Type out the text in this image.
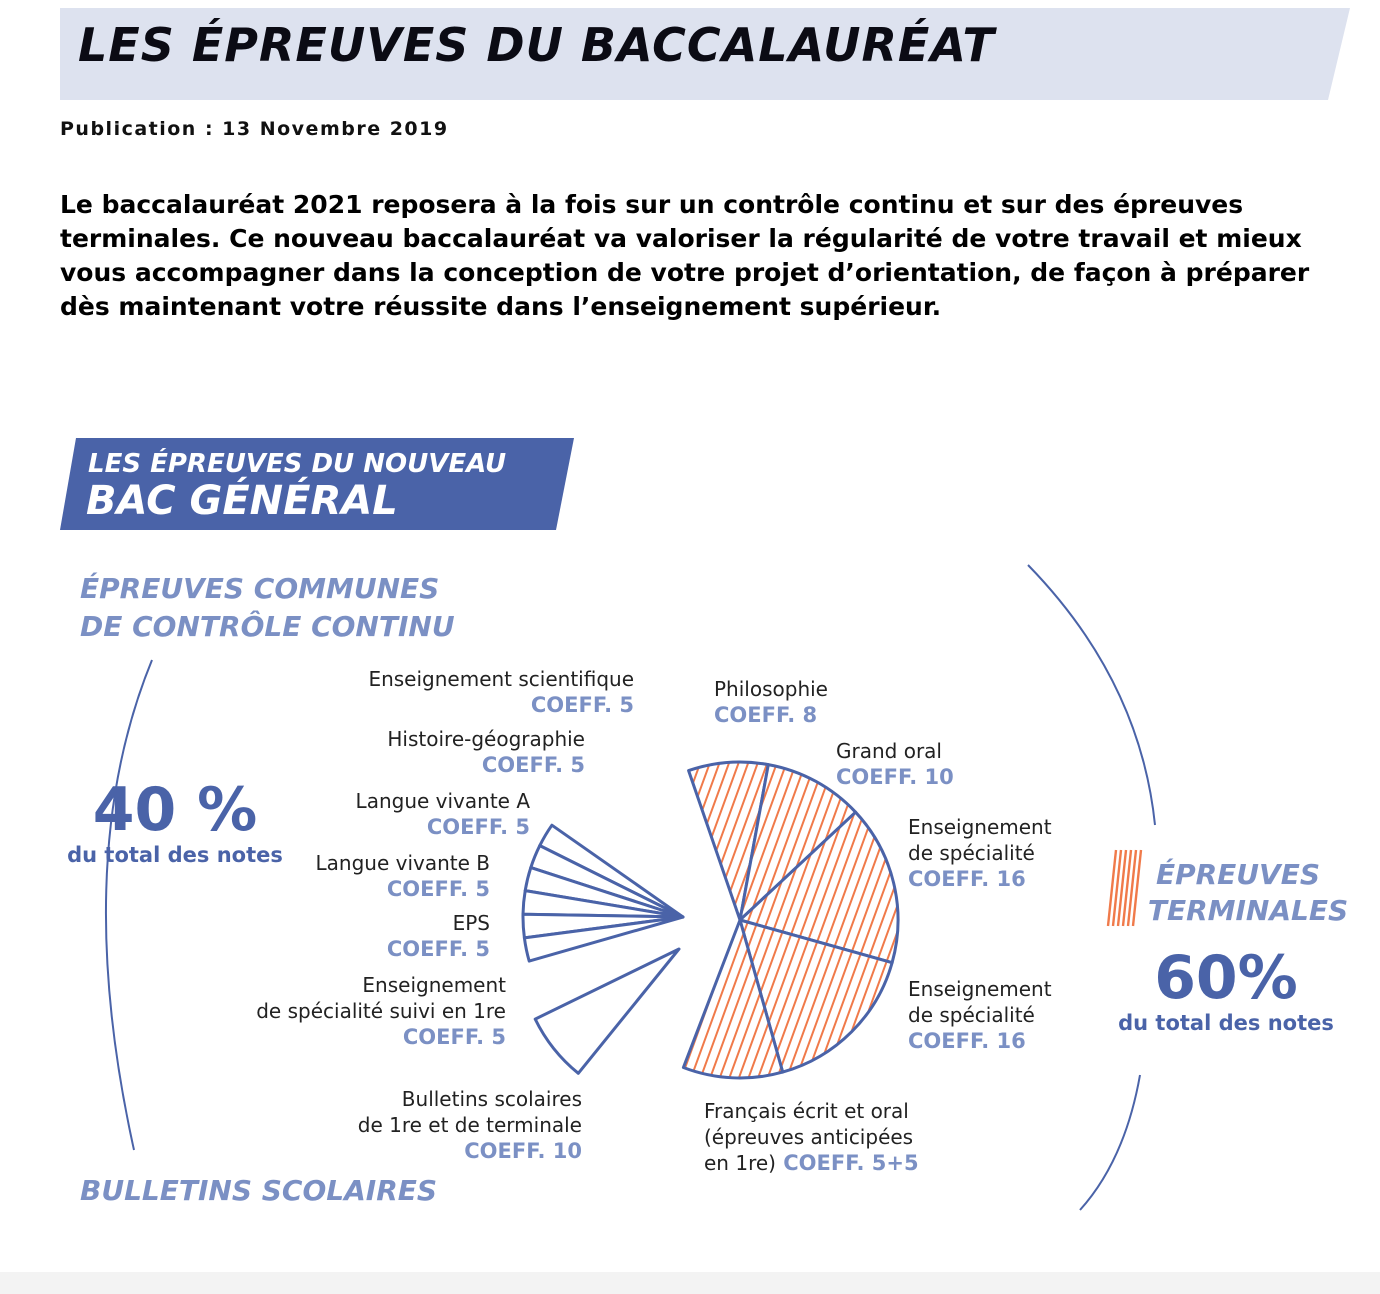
LES ÉPREUVES DU BACCALAURÉAT
Publication : 13 Novembre 2019
Le baccalauréat 2021 reposera à la fois sur un contrôle continu et sur des épreuves terminales. Ce nouveau baccalauréat va valoriser la régularité de votre travail et mieux vous accompagner dans la conception de votre projet d’orientation, de façon à préparer dès maintenant votre réussite dans l’enseignement supérieur.
LES ÉPREUVES DU NOUVEAU
BAC GÉNÉRAL
ÉPREUVES COMMUNES
DE CONTRÔLE CONTINU
40 %
du total des notes
BULLETINS SCOLAIRES
ÉPREUVES
TERMINALES
60%
du total des notes
Enseignement scientifique
COEFF. 5
Histoire-géographie
COEFF. 5
Langue vivante A
COEFF. 5
Langue vivante B
COEFF. 5
EPS
COEFF. 5
Enseignement
de spécialité suivi en 1re
COEFF. 5
Bulletins scolaires
de 1re et de terminale
COEFF. 10
Philosophie
COEFF. 8
Grand oral
COEFF. 10
Enseignement
de spécialité
COEFF. 16
Enseignement
de spécialité
COEFF. 16
Français écrit et oral
(épreuves anticipées
en 1re) COEFF. 5+5
